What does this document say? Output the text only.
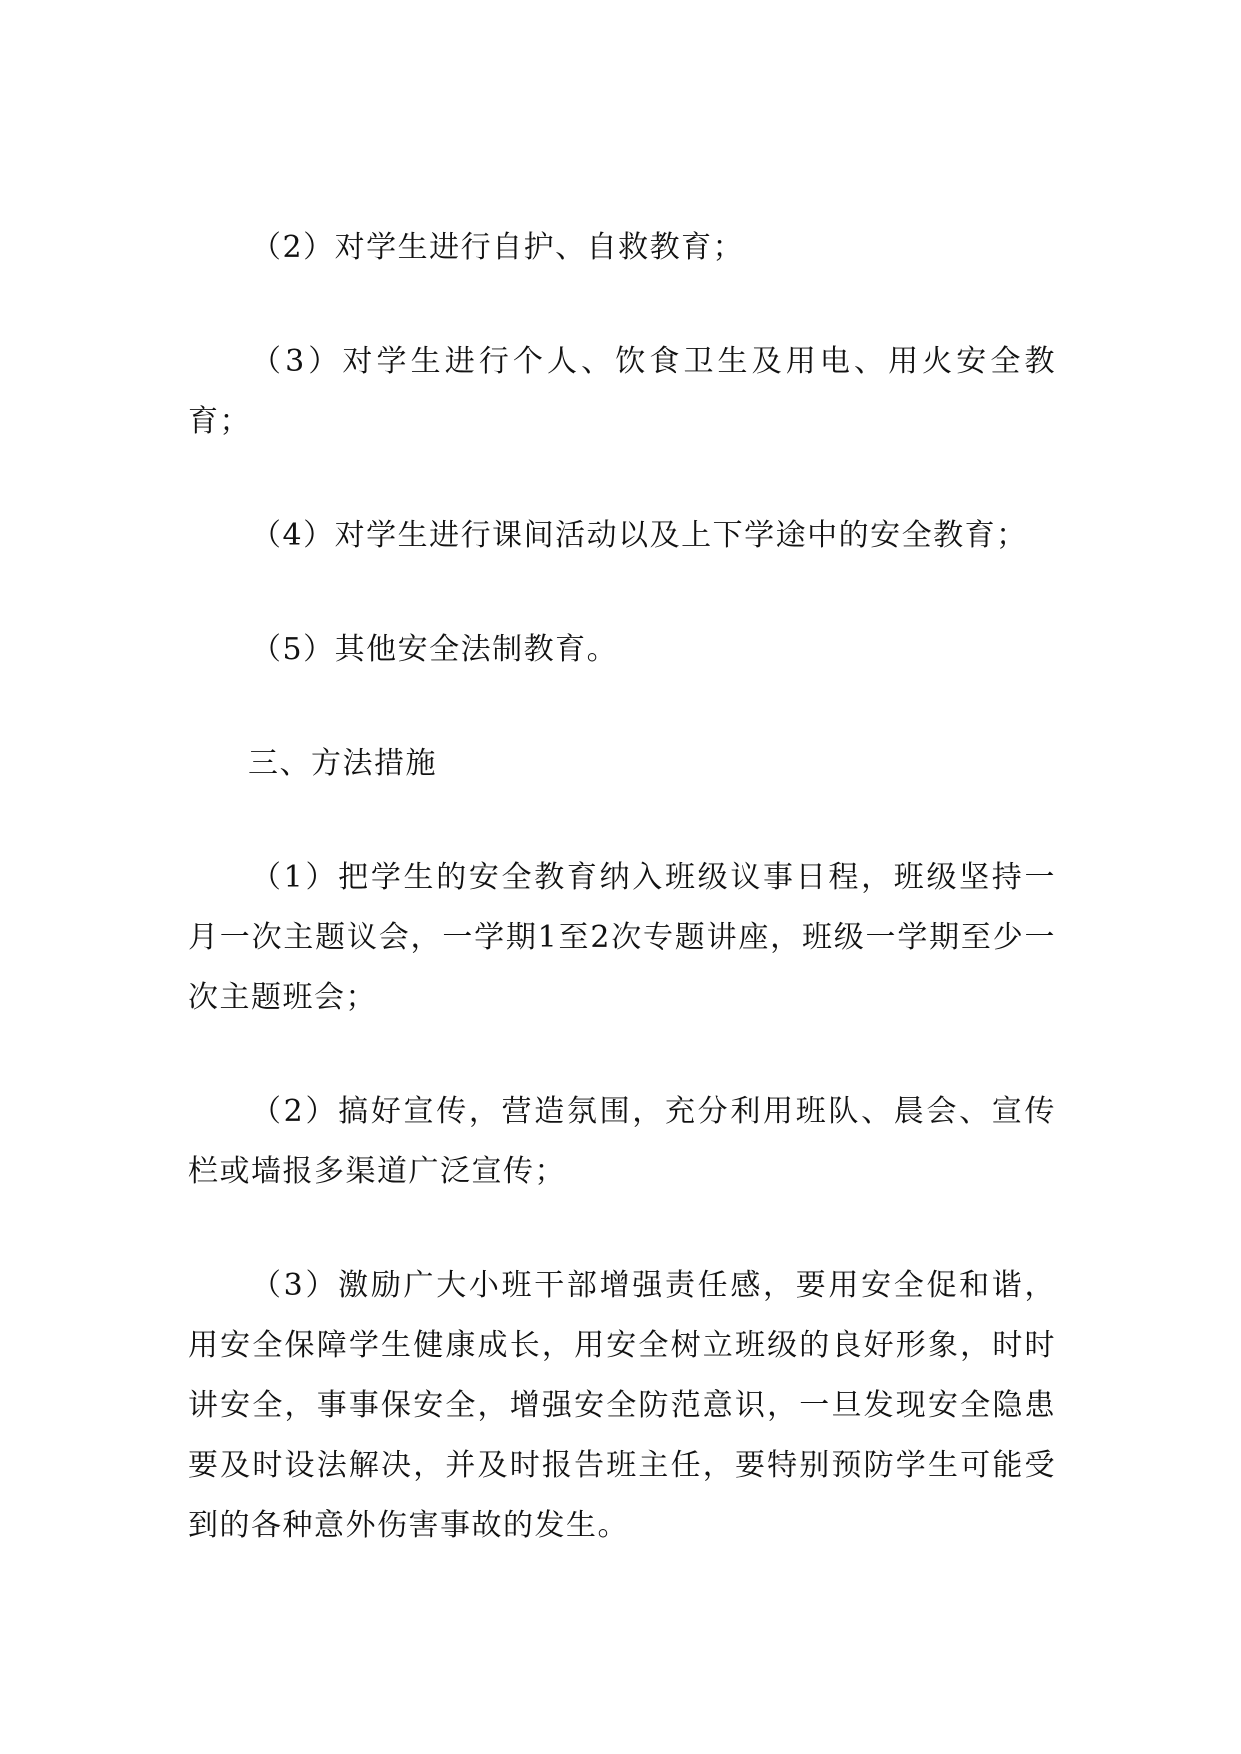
（2）对学生进行自护、自救教育；

（3）对学生进行个人、饮食卫生及用电、用火安全教育；

（4）对学生进行课间活动以及上下学途中的安全教育；

（5）其他安全法制教育。

三、方法措施

（1）把学生的安全教育纳入班级议事日程，班级坚持一月一次主题议会，一学期1至2次专题讲座，班级一学期至少一次主题班会；

（2）搞好宣传，营造氛围，充分利用班队、晨会、宣传栏或墙报多渠道广泛宣传；

（3）激励广大小班干部增强责任感，要用安全促和谐，用安全保障学生健康成长，用安全树立班级的良好形象，时时讲安全，事事保安全，增强安全防范意识，一旦发现安全隐患要及时设法解决，并及时报告班主任，要特别预防学生可能受到的各种意外伤害事故的发生。
